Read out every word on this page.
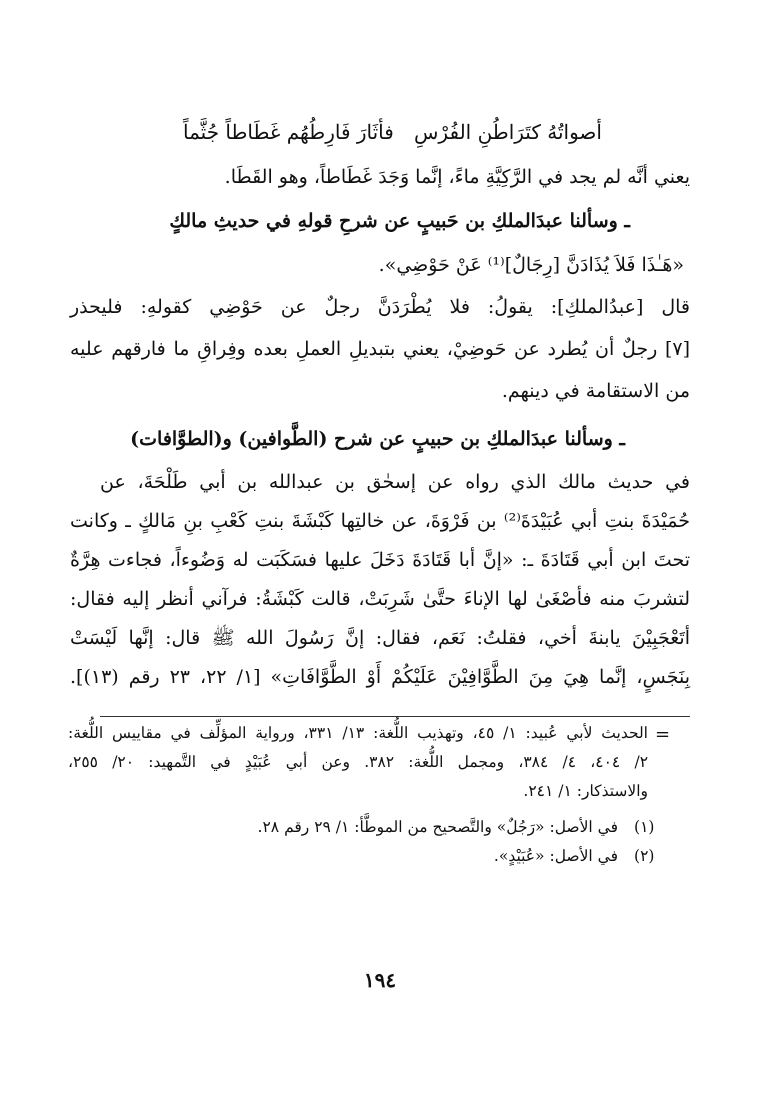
فأثَارَ فَارِطُهُم غَطَاطاً جُثَّماً أصواتُهُ كتَرَاطُنِ الفُرْسِ
يعني أنَّه لم يجد في الرَّكِيَّةِ ماءً، إنَّما وَجَدَ غَطَاطاً، وهو القَطَا.
ـ وسألنا عبدَالملكِ بن حَبيبٍ عن شرحِ قولهِ في حديثِ مالكٍ
«هَـٰذَا فَلاَ يُذَادَنَّ [رِجَالٌ]⁽¹⁾ عَنْ حَوْضِي».
قال [عبدُالملكِ]: يقولُ: فلا يُطْرَدَنَّ رجلٌ عن حَوْضِي كقولهِ: فليحذر
[٧] رجلٌ أن يُطرد عن حَوضِيْ، يعني بتبديلِ العملِ بعده وفِراقِ ما فارقهم عليه
من الاستقامة في دينهم.
ـ وسألنا عبدَالملكِ بن حبيبٍ عن شرح (الطَّوافين) و(الطوَّافات)
في حديث مالك الذي رواه عن إسحٰق بن عبدالله بن أبي طَلْحَةَ، عن
حُمَيْدَةَ بنتِ أبي عُبَيْدَةَ⁽²⁾ بن فَرْوَةَ، عن خالتِها كَبْشَةَ بنتِ كَعْبِ بنِ مَالكٍ ـ وكانت
تحتَ ابن أبي قَتَادَةَ ـ: «إنَّ أبا قَتَادَةَ دَخَلَ عليها فسَكَبَت له وَضُوءاً، فجاءت هِرَّةٌ
لتشربَ منه فأصْغَىٰ لها الإناءَ حتَّىٰ شَرِبَتْ، قالت كَبْشَةُ: فرآني أنظر إليه فقال:
أتَعْجَبِيْنَ يابنةَ أخي، فقلتُ: نَعَم، فقال: إنَّ رَسُولَ الله ﷺ قال: إنَّها لَيْسَتْ
بِنَجَسٍ، إنَّما هِيَ مِنَ الطَّوَّافِيْنَ عَلَيْكُمْ أَوْ الطَّوَّافَاتِ» [١/ ٢٢، ٢٣ رقم (١٣)].
=
الحديث لأبي عُبيد: ١/ ٤٥، وتهذيب اللُّغة: ١٣/ ٣٣١، ورواية المؤلِّف في مقاييس اللُّغة:
٢/ ٤٠٤، ٤/ ٣٨٤، ومجمل اللُّغة: ٣٨٢. وعن أبي عُبَيْدٍ في التَّمهيد: ٢٠/ ٢٥٥،
والاستذكار: ١/ ٢٤١.
(١)
في الأصل: «رَجُلٌ» والتَّصحيح من الموطَّأ: ١/ ٢٩ رقم ٢٨.
(٢)
في الأصل: «عُبَيْدٍ».
١٩٤
